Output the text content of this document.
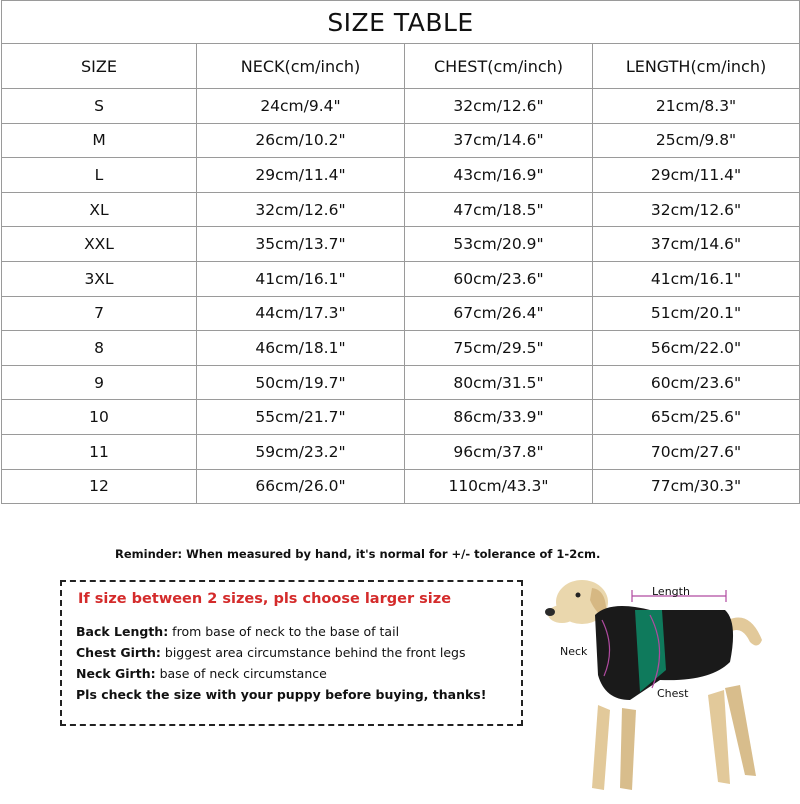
SIZE TABLE			
SIZE	NECK(cm/inch)	CHEST(cm/inch)	LENGTH(cm/inch)
S	24cm/9.4"	32cm/12.6"	21cm/8.3"
M	26cm/10.2"	37cm/14.6"	25cm/9.8"
L	29cm/11.4"	43cm/16.9"	29cm/11.4"
XL	32cm/12.6"	47cm/18.5"	32cm/12.6"
XXL	35cm/13.7"	53cm/20.9"	37cm/14.6"
3XL	41cm/16.1"	60cm/23.6"	41cm/16.1"
7	44cm/17.3"	67cm/26.4"	51cm/20.1"
8	46cm/18.1"	75cm/29.5"	56cm/22.0"
9	50cm/19.7"	80cm/31.5"	60cm/23.6"
10	55cm/21.7"	86cm/33.9"	65cm/25.6"
11	59cm/23.2"	96cm/37.8"	70cm/27.6"
12	66cm/26.0"	110cm/43.3"	77cm/30.3"
Reminder: When measured by hand, it's normal for +/- tolerance of 1-2cm.
If size between 2 sizes, pls choose larger size
Back Length: from base of neck to the base of tail
Chest Girth: biggest area circumstance behind the front legs
Neck Girth: base of neck circumstance
Pls check the size with your puppy before buying, thanks!
Length
Neck
Chest
